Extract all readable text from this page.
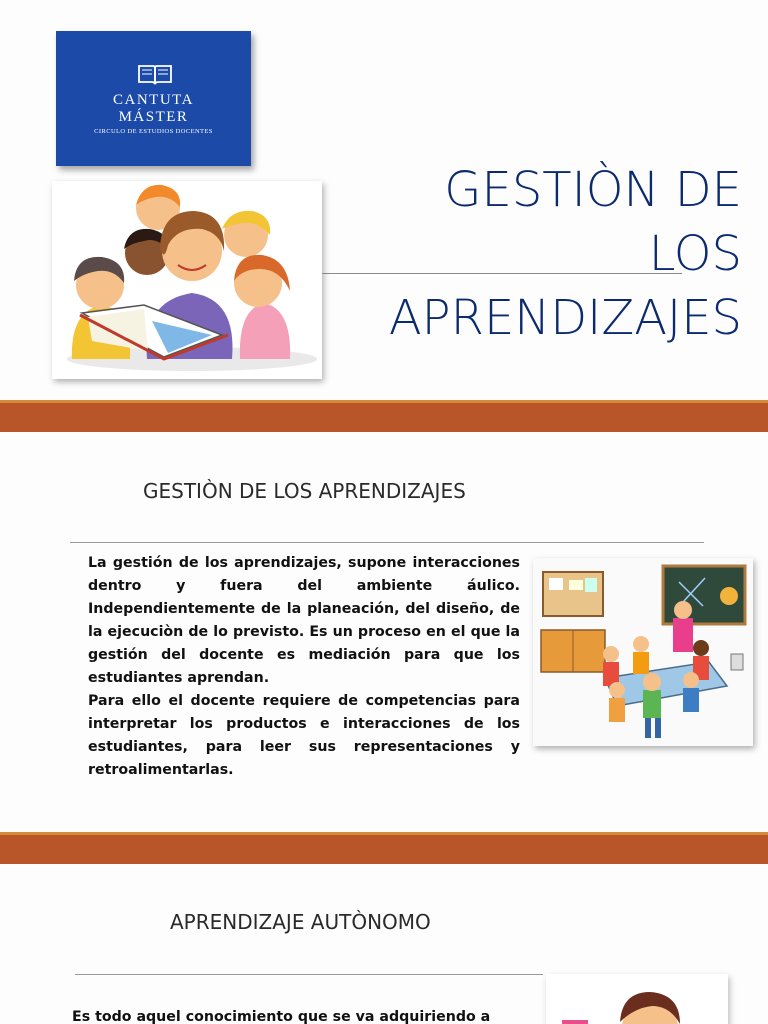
CANTUTA
MÁSTER
CIRCULO DE ESTUDIOS DOCENTES
GESTIÒN DE
LOS
APRENDIZAJES
GESTIÒN DE LOS APRENDIZAJES

La gestión de los aprendizajes, supone interacciones dentro y fuera del ambiente áulico. Independientemente de la planeación, del diseño, de la ejecuciòn de lo previsto. Es un proceso en el que la gestión del docente es mediación para que los estudiantes aprendan.

Para ello el docente requiere de competencias para interpretar los productos e interacciones de los estudiantes, para leer sus representaciones y retroalimentarlas.

APRENDIZAJE AUTÒNOMO
Es todo aquel conocimiento que se va adquiriendo a
